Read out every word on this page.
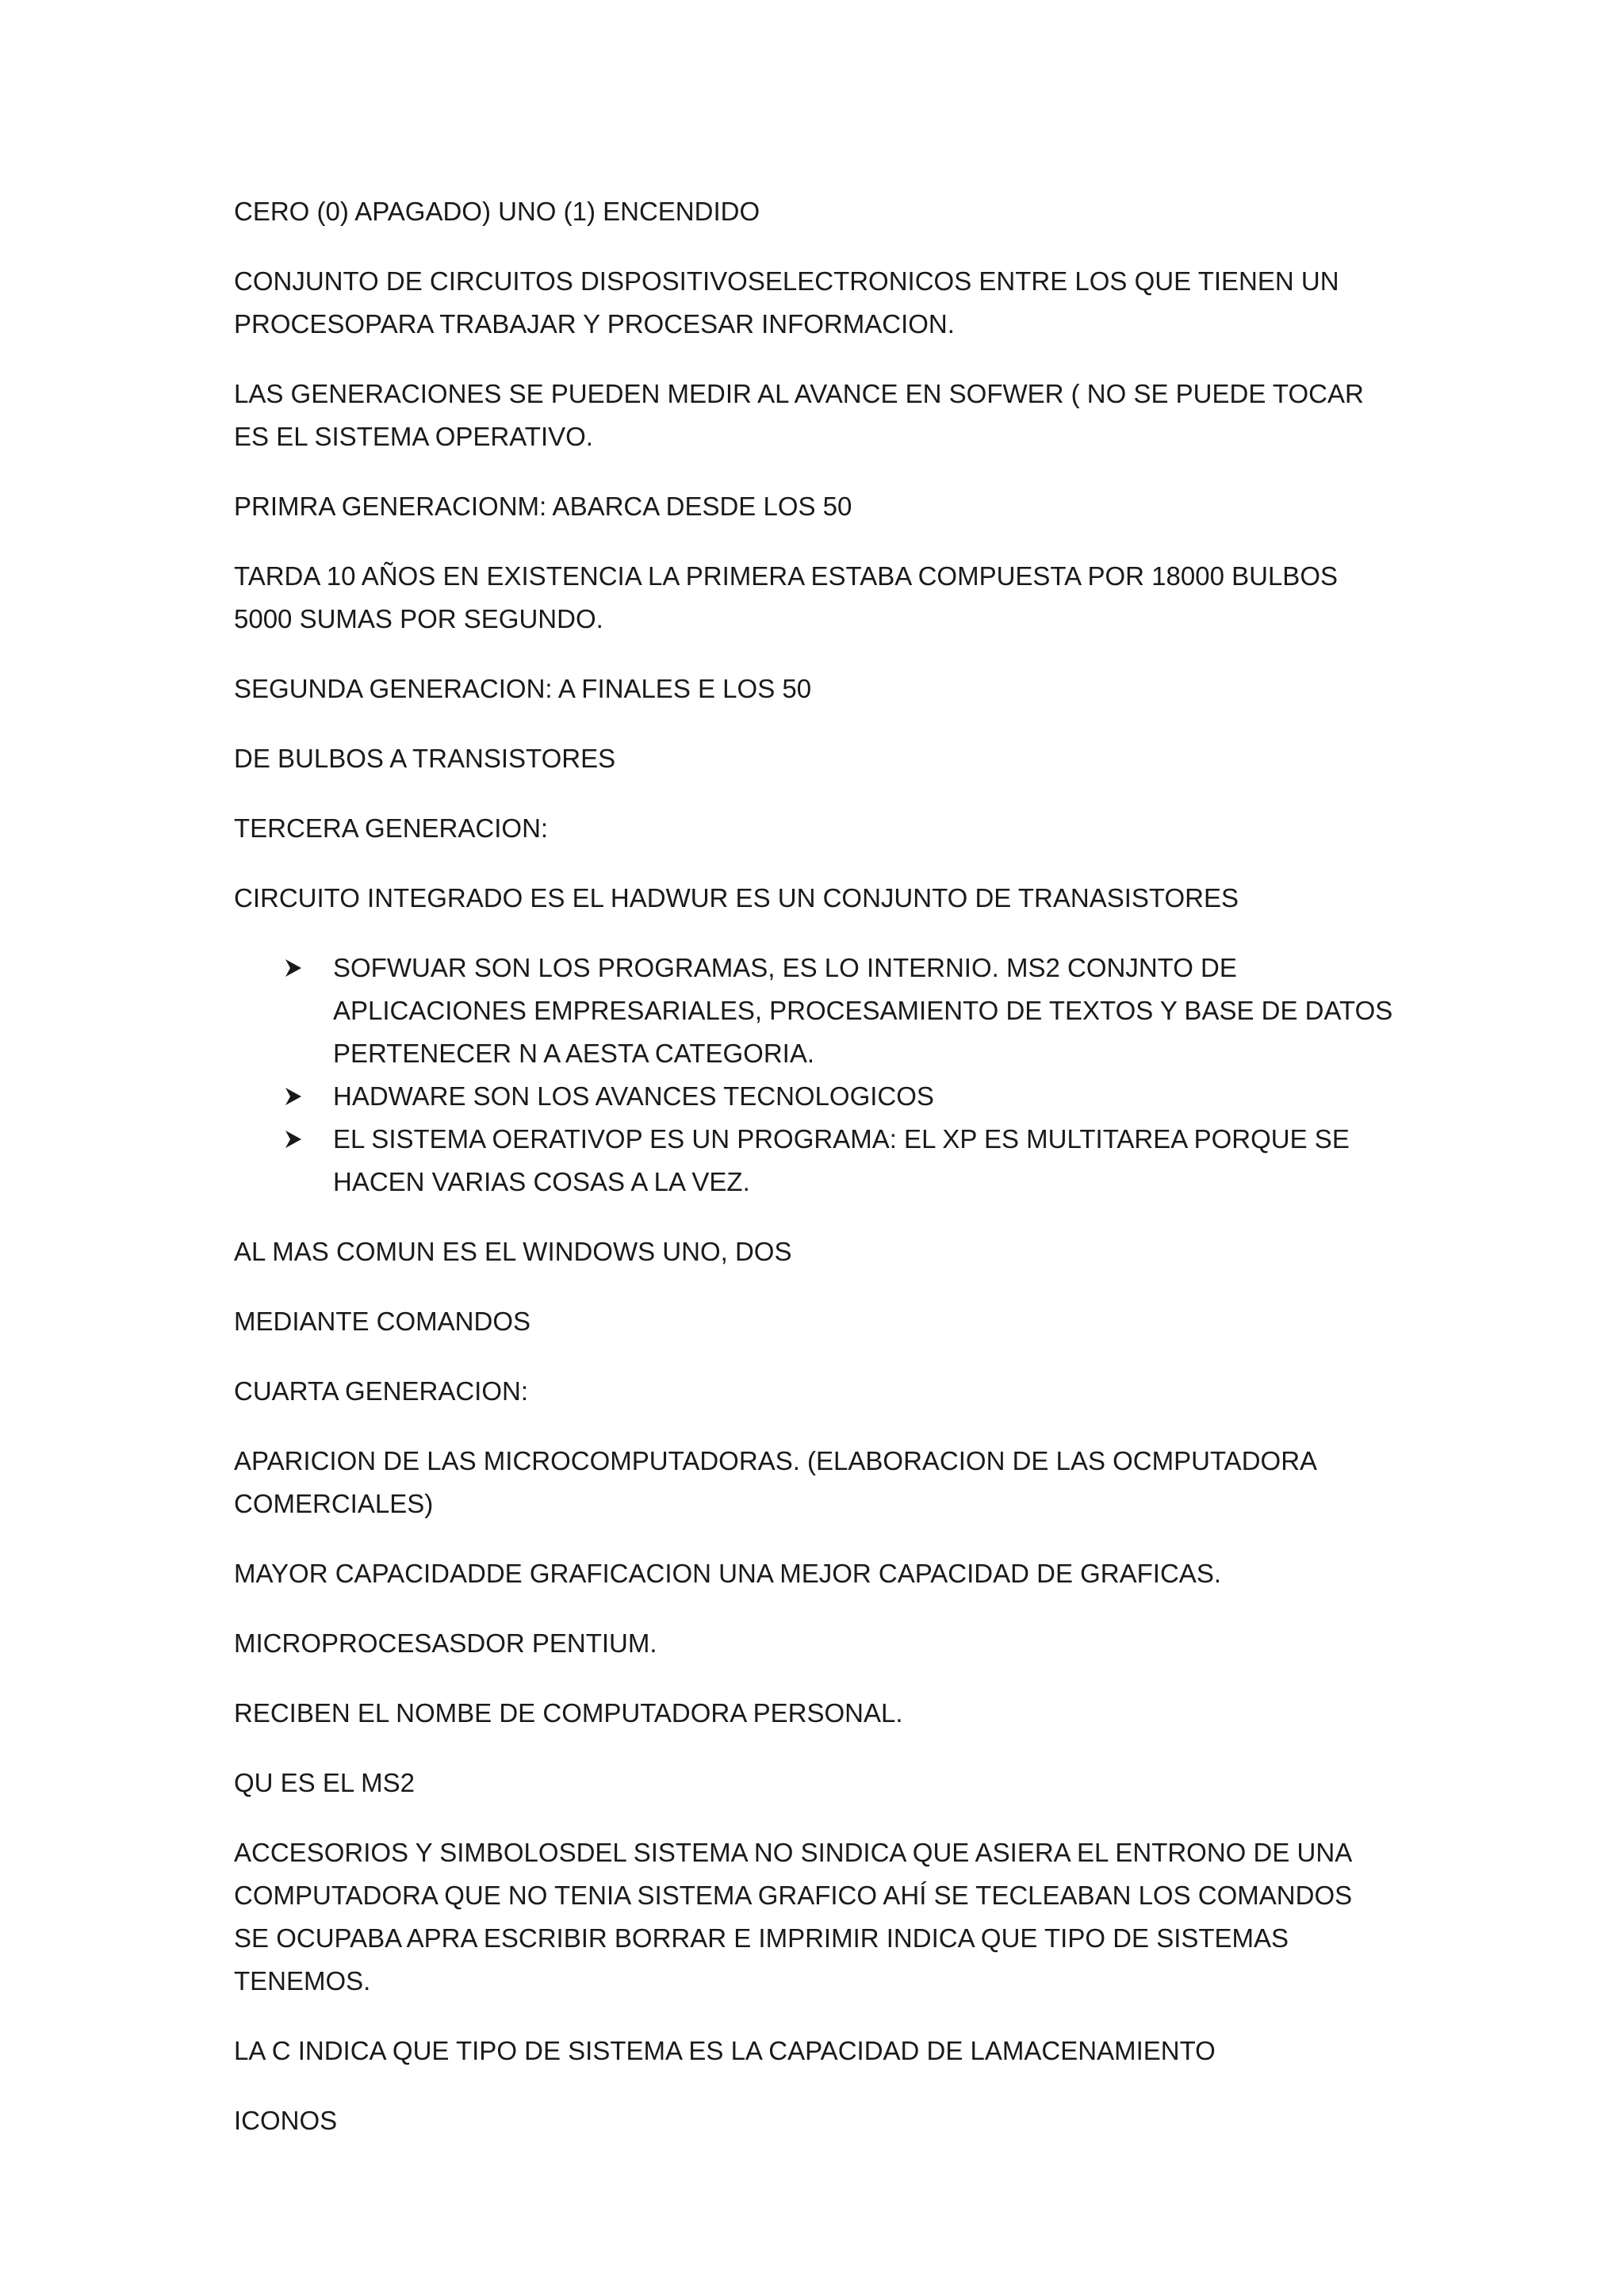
CERO (0) APAGADO) UNO (1) ENCENDIDO

CONJUNTO DE CIRCUITOS DISPOSITIVOSELECTRONICOS ENTRE LOS QUE TIENEN UN PROCESOPARA TRABAJAR Y PROCESAR INFORMACION.

LAS GENERACIONES SE PUEDEN MEDIR AL AVANCE EN SOFWER ( NO SE PUEDE TOCAR ES EL SISTEMA OPERATIVO.

PRIMRA GENERACIONM: ABARCA DESDE LOS 50

TARDA 10 AÑOS EN EXISTENCIA LA PRIMERA ESTABA COMPUESTA POR 18000 BULBOS 5000 SUMAS POR SEGUNDO.

SEGUNDA GENERACION: A FINALES E LOS 50

DE BULBOS A TRANSISTORES

TERCERA GENERACION:

CIRCUITO INTEGRADO ES EL HADWUR ES UN CONJUNTO DE TRANASISTORES

SOFWUAR SON LOS PROGRAMAS, ES LO INTERNIO. MS2 CONJNTO DE APLICACIONES EMPRESARIALES, PROCESAMIENTO DE TEXTOS Y BASE DE DATOS PERTENECER N A AESTA CATEGORIA.
HADWARE SON LOS AVANCES TECNOLOGICOS
EL SISTEMA OERATIVOP ES UN PROGRAMA: EL XP ES MULTITAREA PORQUE SE HACEN VARIAS COSAS A LA VEZ.

AL MAS COMUN ES EL WINDOWS UNO, DOS

MEDIANTE COMANDOS

CUARTA GENERACION:

APARICION DE LAS MICROCOMPUTADORAS. (ELABORACION DE LAS OCMPUTADORA COMERCIALES)

MAYOR CAPACIDADDE GRAFICACION UNA MEJOR CAPACIDAD DE GRAFICAS.

MICROPROCESASDOR PENTIUM.

RECIBEN EL NOMBE DE COMPUTADORA PERSONAL.

QU ES EL MS2

ACCESORIOS Y SIMBOLOSDEL SISTEMA NO SINDICA QUE ASIERA EL ENTRONO DE UNA COMPUTADORA QUE NO TENIA SISTEMA GRAFICO AHÍ SE TECLEABAN LOS COMANDOS SE OCUPABA APRA ESCRIBIR BORRAR E IMPRIMIR INDICA QUE TIPO DE SISTEMAS TENEMOS.

LA C INDICA QUE TIPO DE SISTEMA ES LA CAPACIDAD DE LAMACENAMIENTO

ICONOS
